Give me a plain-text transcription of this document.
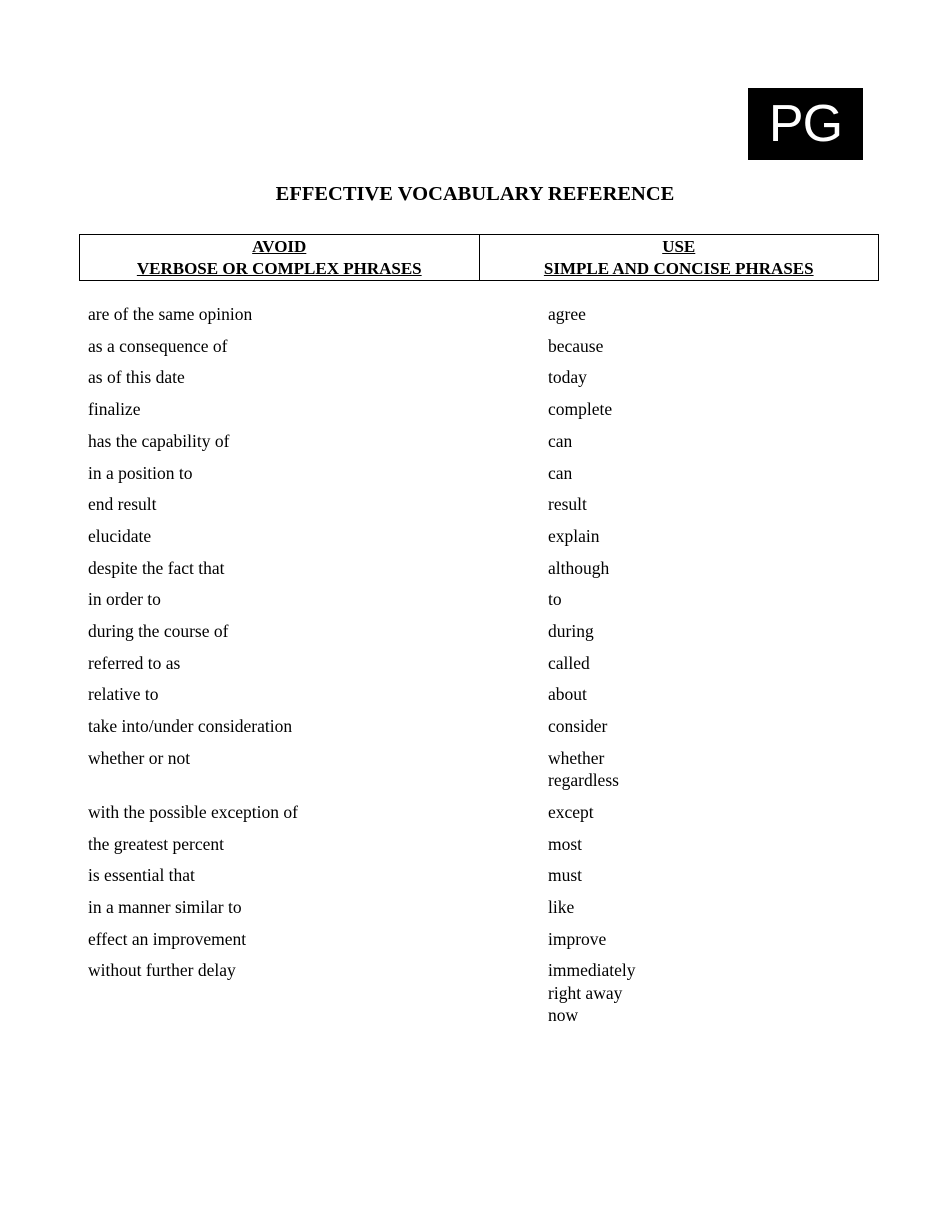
PG
EFFECTIVE VOCABULARY REFERENCE
AVOID
VERBOSE OR COMPLEX PHRASES
USE
SIMPLE AND CONCISE PHRASES
are of the same opinion	agree
as a consequence of	because
as of this date	today
finalize	complete
has the capability of	can
in a position to	can
end result	result
elucidate	explain
despite the fact that	although
in order to	to
during the course of	during
referred to as	called
relative to	about
take into/under consideration	consider
whether or not	whether
regardless
with the possible exception of	except
the greatest percent	most
is essential that	must
in a manner similar to	like
effect an improvement	improve
without further delay	immediately
right away
now
